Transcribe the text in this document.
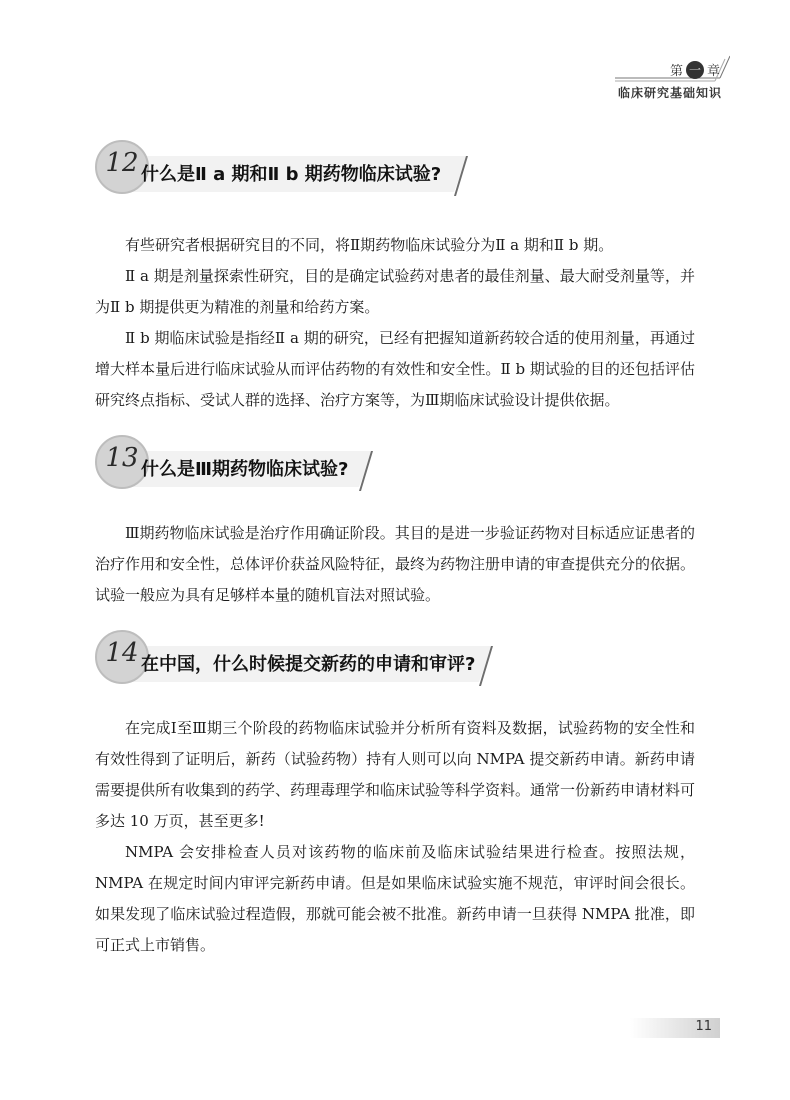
第 一 章
临床研究基础知识
12 什么是Ⅱ a 期和Ⅱ b 期药物临床试验?

有些研究者根据研究目的不同，将Ⅱ期药物临床试验分为Ⅱ a 期和Ⅱ b 期。

Ⅱ a 期是剂量探索性研究，目的是确定试验药对患者的最佳剂量、最大耐受剂量等，并为Ⅱ b 期提供更为精准的剂量和给药方案。

Ⅱ b 期临床试验是指经Ⅱ a 期的研究，已经有把握知道新药较合适的使用剂量，再通过增大样本量后进行临床试验从而评估药物的有效性和安全性。Ⅱ b 期试验的目的还包括评估研究终点指标、受试人群的选择、治疗方案等，为Ⅲ期临床试验设计提供依据。

13 什么是Ⅲ期药物临床试验?

Ⅲ期药物临床试验是治疗作用确证阶段。其目的是进一步验证药物对目标适应证患者的治疗作用和安全性，总体评价获益风险特征，最终为药物注册申请的审查提供充分的依据。试验一般应为具有足够样本量的随机盲法对照试验。

14 在中国，什么时候提交新药的申请和审评?

在完成Ⅰ至Ⅲ期三个阶段的药物临床试验并分析所有资料及数据，试验药物的安全性和有效性得到了证明后，新药（试验药物）持有人则可以向 NMPA 提交新药申请。新药申请需要提供所有收集到的药学、药理毒理学和临床试验等科学资料。通常一份新药申请材料可多达 10 万页，甚至更多!

NMPA 会安排检查人员对该药物的临床前及临床试验结果进行检查。按照法规，NMPA 在规定时间内审评完新药申请。但是如果临床试验实施不规范，审评时间会很长。如果发现了临床试验过程造假，那就可能会被不批准。新药申请一旦获得 NMPA 批准，即可正式上市销售。

11
